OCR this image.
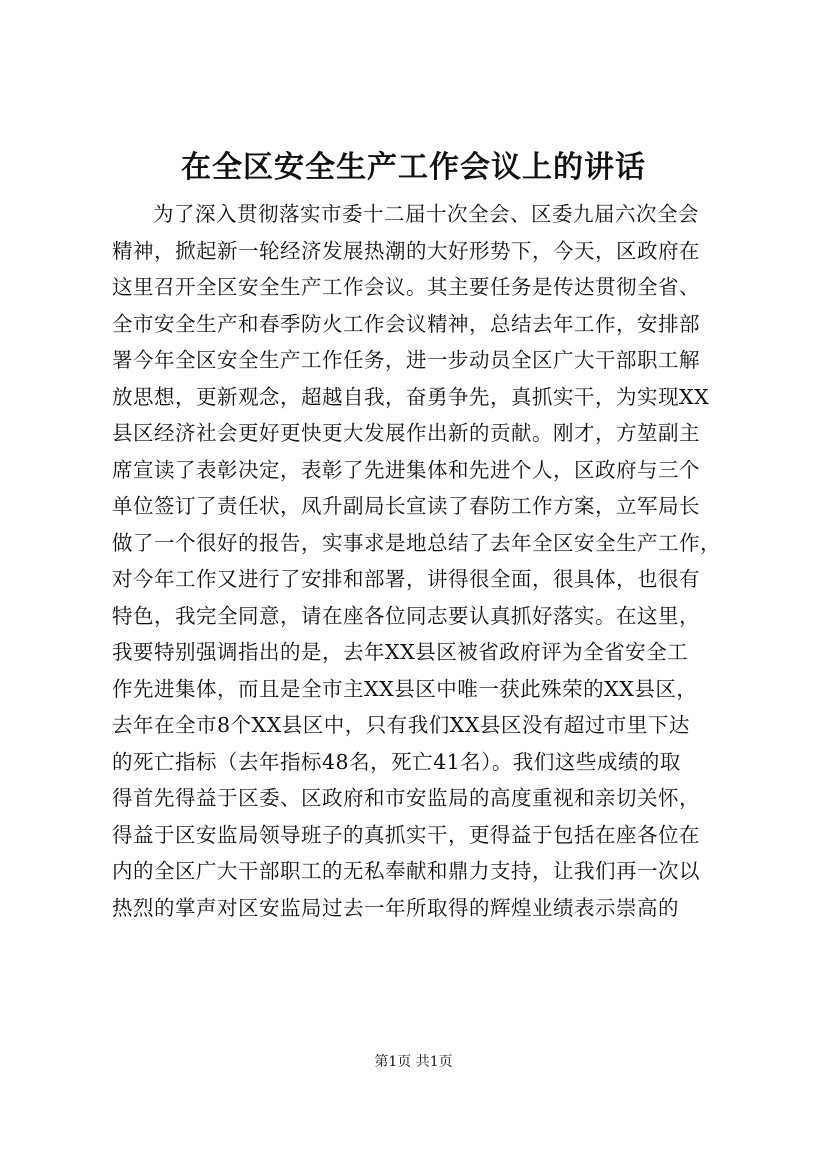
在全区安全生产工作会议上的讲话
为了深入贯彻落实市委十二届十次全会、区委九届六次全会
精神，掀起新一轮经济发展热潮的大好形势下，今天，区政府在
这里召开全区安全生产工作会议。其主要任务是传达贯彻全省、
全市安全生产和春季防火工作会议精神，总结去年工作，安排部
署今年全区安全生产工作任务，进一步动员全区广大干部职工解
放思想，更新观念，超越自我，奋勇争先，真抓实干，为实现XX
县区经济社会更好更快更大发展作出新的贡献。刚才，方堃副主
席宣读了表彰决定，表彰了先进集体和先进个人，区政府与三个
单位签订了责任状，凤升副局长宣读了春防工作方案，立军局长
做了一个很好的报告，实事求是地总结了去年全区安全生产工作，
对今年工作又进行了安排和部署，讲得很全面，很具体，也很有
特色，我完全同意，请在座各位同志要认真抓好落实。在这里，
我要特别强调指出的是，去年XX县区被省政府评为全省安全工
作先进集体，而且是全市主XX县区中唯一获此殊荣的XX县区，
去年在全市8个XX县区中，只有我们XX县区没有超过市里下达
的死亡指标（去年指标48名，死亡41名）。我们这些成绩的取
得首先得益于区委、区政府和市安监局的高度重视和亲切关怀，
得益于区安监局领导班子的真抓实干，更得益于包括在座各位在
内的全区广大干部职工的无私奉献和鼎力支持，让我们再一次以
热烈的掌声对区安监局过去一年所取得的辉煌业绩表示崇高的
第1页 共1页
